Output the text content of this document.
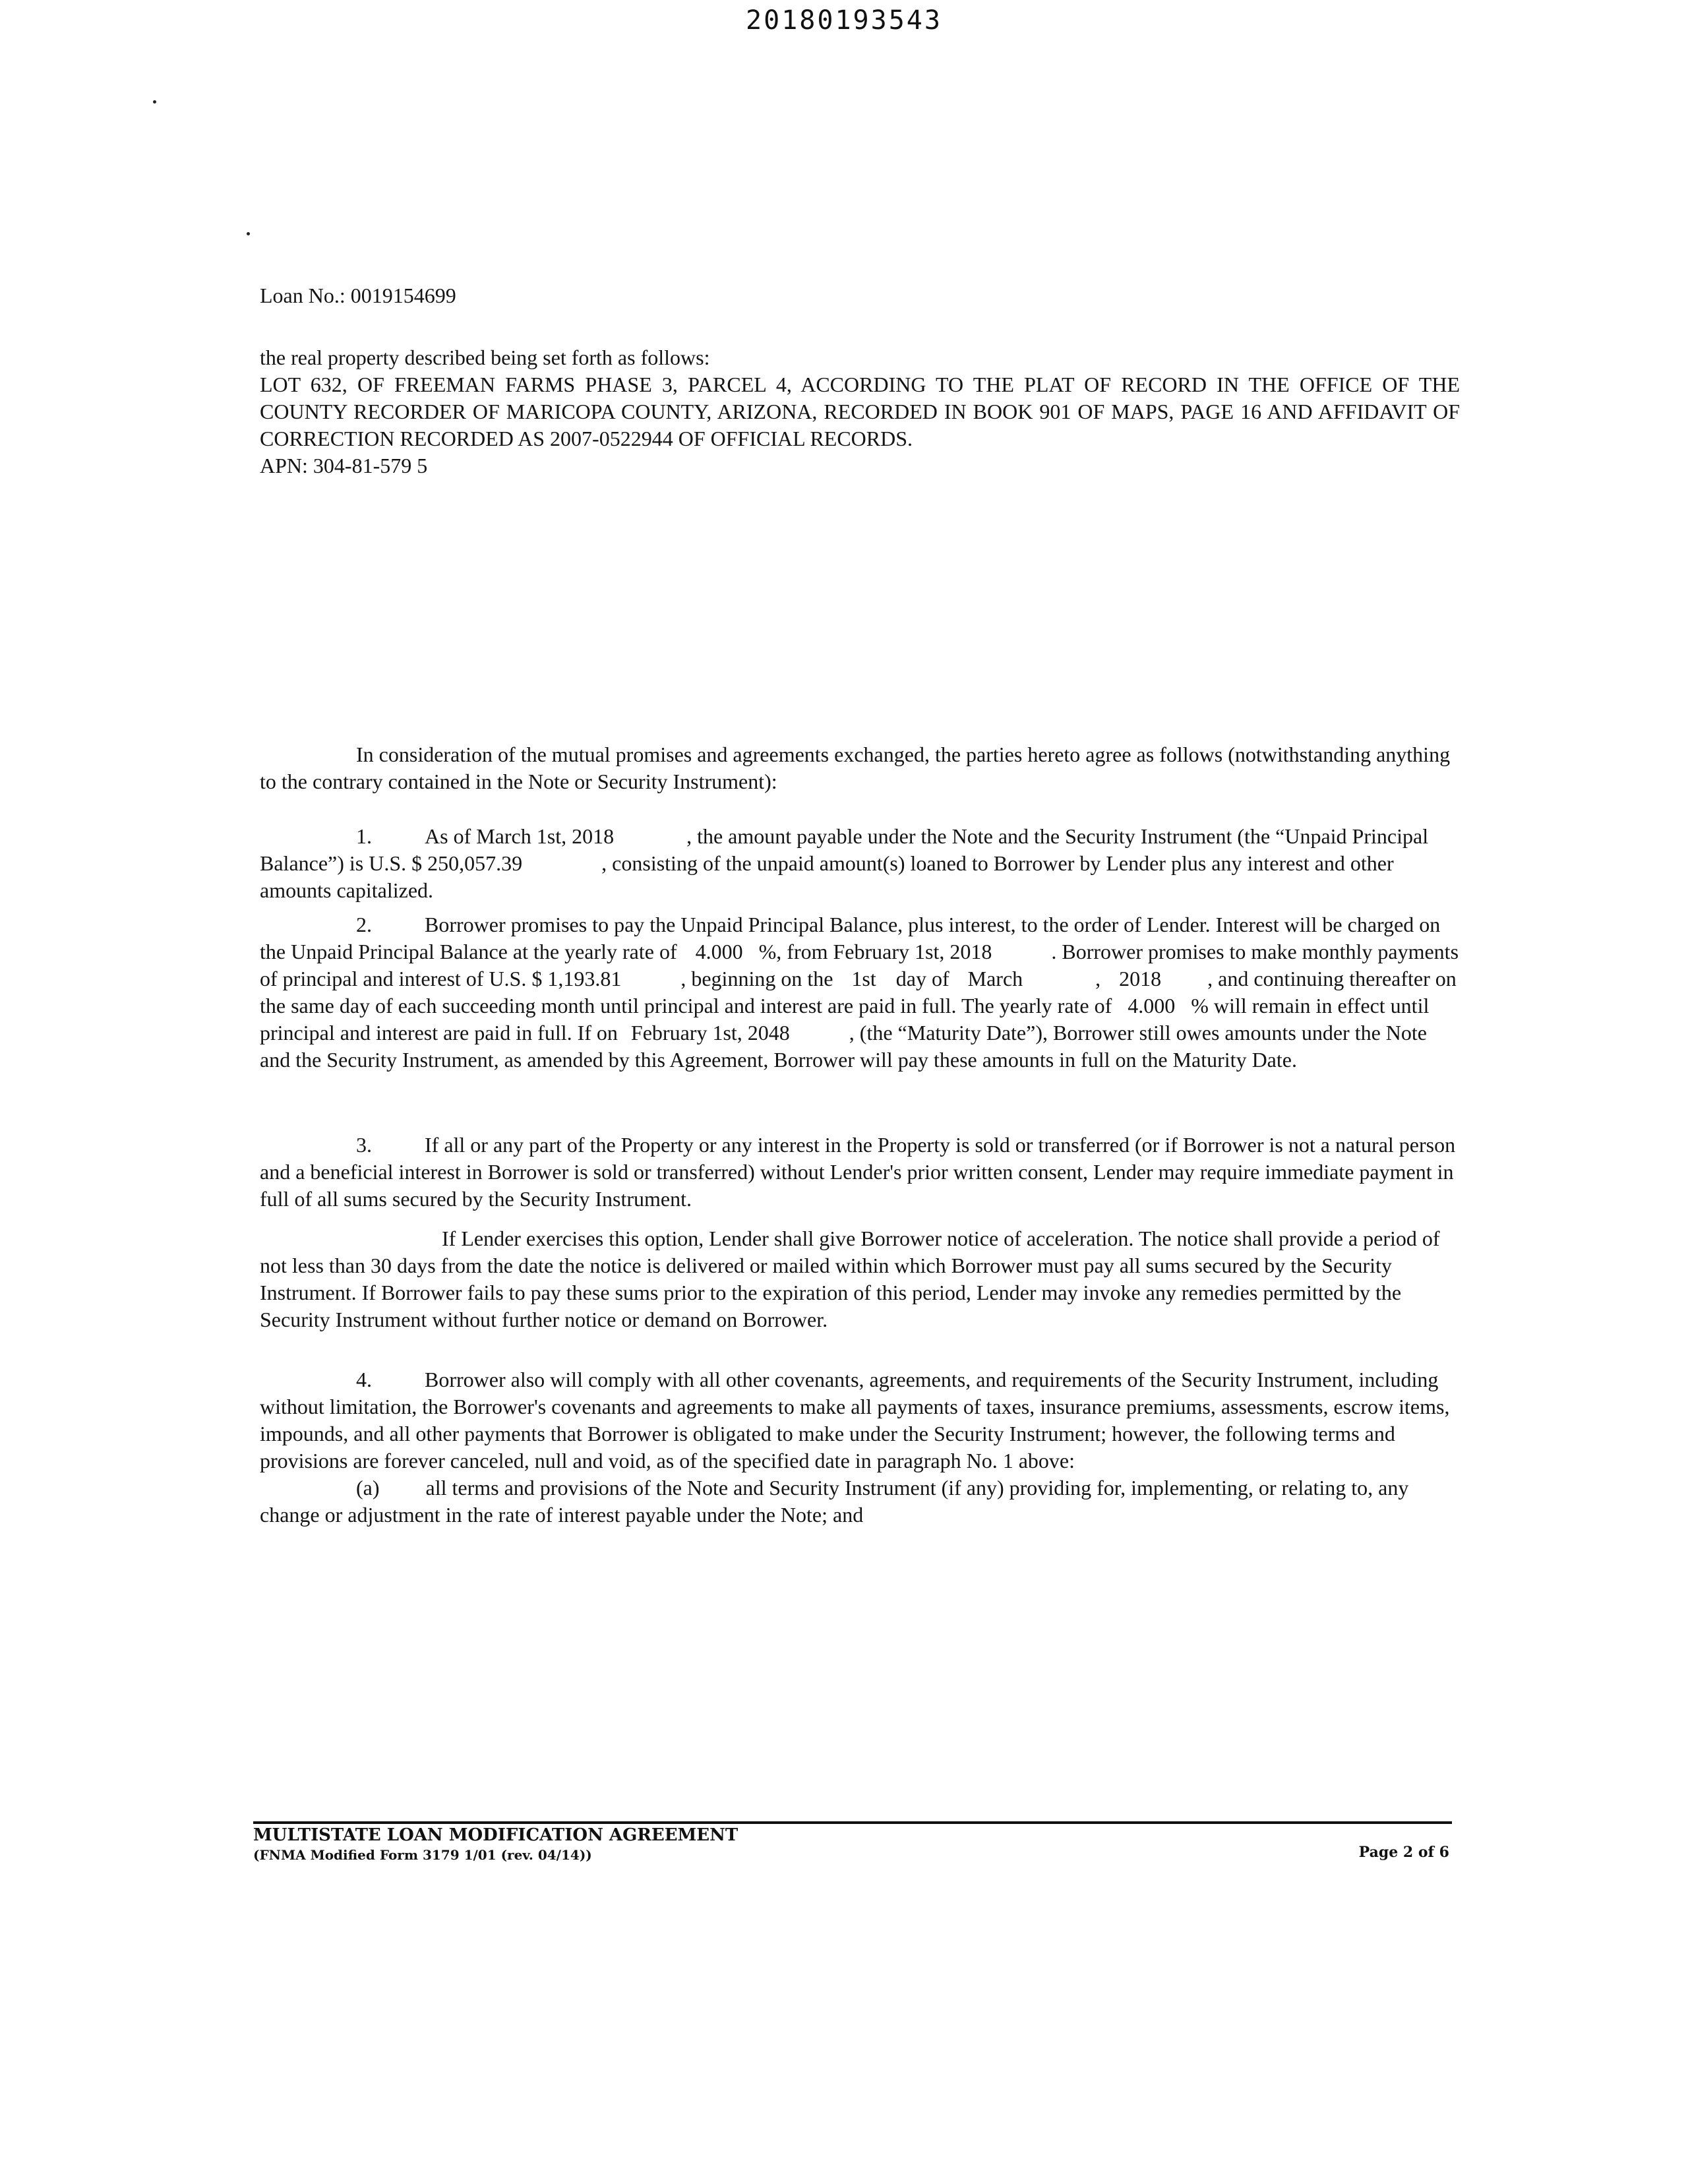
20180193543
Loan No.: 0019154699
the real property described being set forth as follows:
LOT 632, OF FREEMAN FARMS PHASE 3, PARCEL 4, ACCORDING TO THE PLAT OF RECORD IN THE OFFICE OF THE COUNTY RECORDER OF MARICOPA COUNTY, ARIZONA, RECORDED IN BOOK 901 OF MAPS, PAGE 16 AND AFFIDAVIT OF CORRECTION RECORDED AS 2007-0522944 OF OFFICIAL RECORDS.
APN: 304-81-579 5
In consideration of the mutual promises and agreements exchanged, the parties hereto agree as follows (notwithstanding anything to the contrary contained in the Note or Security Instrument):
1.	As of March 1st, 2018	, the amount payable under the Note and the Security Instrument (the “Unpaid Principal Balance”) is U.S. $ 250,057.39	, consisting of the unpaid amount(s) loaned to Borrower by Lender plus any interest and other amounts capitalized.
2.	Borrower promises to pay the Unpaid Principal Balance, plus interest, to the order of Lender. Interest will be charged on the Unpaid Principal Balance at the yearly rate of 4.000 %, from February 1st, 2018	. Borrower promises to make monthly payments of principal and interest of U.S. $ 1,193.81	, beginning on the 1st day of March	, 2018 , and continuing thereafter on the same day of each succeeding month until principal and interest are paid in full. The yearly rate of 4.000 % will remain in effect until principal and interest are paid in full. If on February 1st, 2048	, (the “Maturity Date”), Borrower still owes amounts under the Note and the Security Instrument, as amended by this Agreement, Borrower will pay these amounts in full on the Maturity Date.
3.	If all or any part of the Property or any interest in the Property is sold or transferred (or if Borrower is not a natural person and a beneficial interest in Borrower is sold or transferred) without Lender's prior written consent, Lender may require immediate payment in full of all sums secured by the Security Instrument.
If Lender exercises this option, Lender shall give Borrower notice of acceleration. The notice shall provide a period of not less than 30 days from the date the notice is delivered or mailed within which Borrower must pay all sums secured by the Security Instrument. If Borrower fails to pay these sums prior to the expiration of this period, Lender may invoke any remedies permitted by the Security Instrument without further notice or demand on Borrower.
4.	Borrower also will comply with all other covenants, agreements, and requirements of the Security Instrument, including without limitation, the Borrower's covenants and agreements to make all payments of taxes, insurance premiums, assessments, escrow items, impounds, and all other payments that Borrower is obligated to make under the Security Instrument; however, the following terms and provisions are forever canceled, null and void, as of the specified date in paragraph No. 1 above:
(a) all terms and provisions of the Note and Security Instrument (if any) providing for, implementing, or relating to, any change or adjustment in the rate of interest payable under the Note; and
MULTISTATE LOAN MODIFICATION AGREEMENT
(FNMA Modified Form 3179 1/01 (rev. 04/14))	Page 2 of 6
